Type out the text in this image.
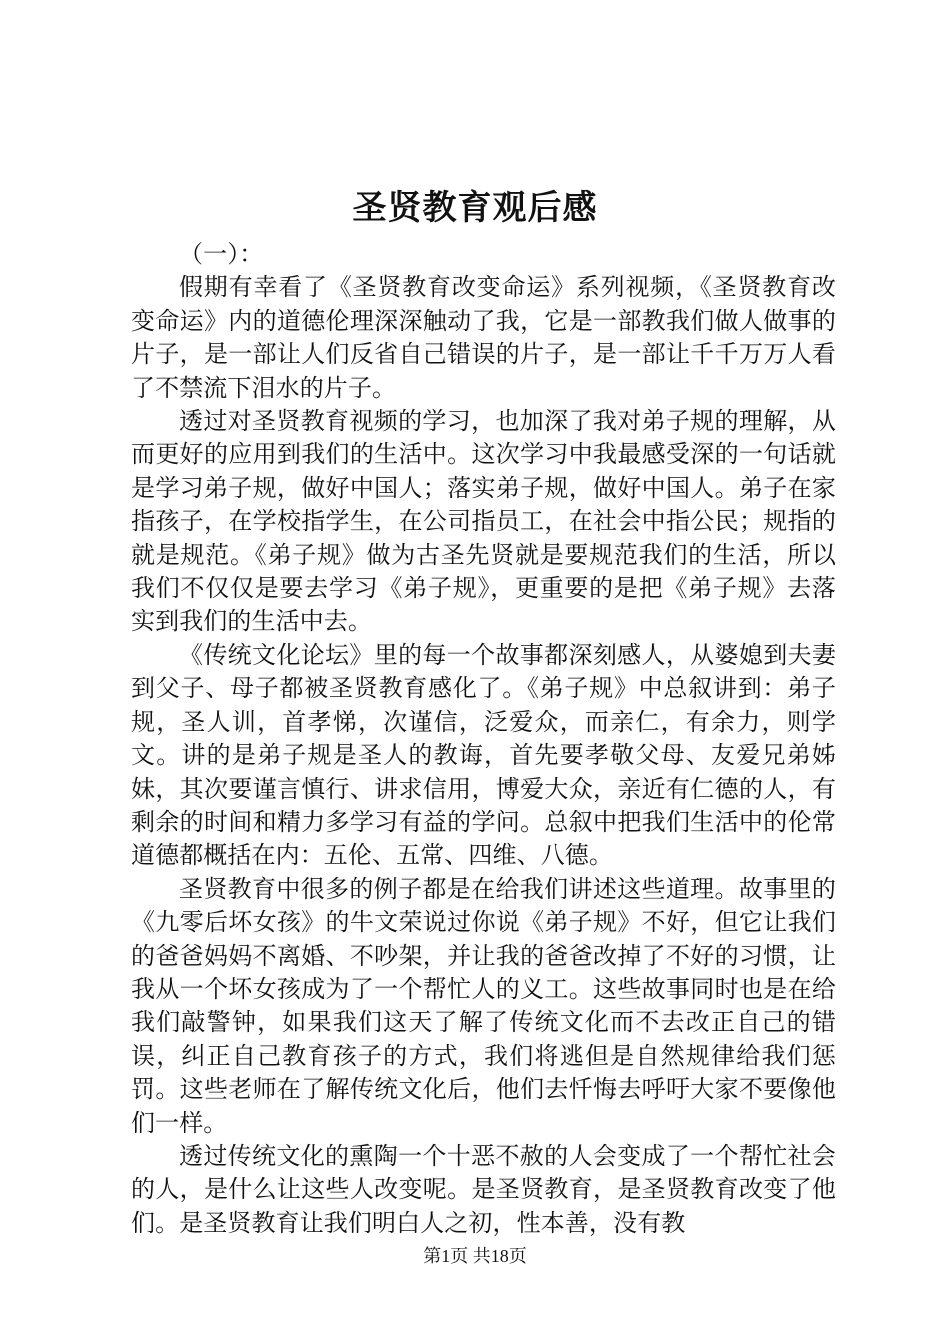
圣贤教育观后感

（一）：

假期有幸看了《圣贤教育改变命运》系列视频，《圣贤教育改变命运》内的道德伦理深深触动了我，它是一部教我们做人做事的片子，是一部让人们反省自己错误的片子，是一部让千千万万人看了不禁流下泪水的片子。

透过对圣贤教育视频的学习，也加深了我对弟子规的理解，从而更好的应用到我们的生活中。这次学习中我最感受深的一句话就是学习弟子规，做好中国人；落实弟子规，做好中国人。弟子在家指孩子，在学校指学生，在公司指员工，在社会中指公民；规指的就是规范。《弟子规》做为古圣先贤就是要规范我们的生活，所以我们不仅仅是要去学习《弟子规》，更重要的是把《弟子规》去落实到我们的生活中去。

《传统文化论坛》里的每一个故事都深刻感人，从婆媳到夫妻到父子、母子都被圣贤教育感化了。《弟子规》中总叙讲到：弟子规，圣人训，首孝悌，次谨信，泛爱众，而亲仁，有余力，则学文。讲的是弟子规是圣人的教诲，首先要孝敬父母、友爱兄弟姊妹，其次要谨言慎行、讲求信用，博爱大众，亲近有仁德的人，有剩余的时间和精力多学习有益的学问。总叙中把我们生活中的伦常道德都概括在内：五伦、五常、四维、八德。

圣贤教育中很多的例子都是在给我们讲述这些道理。故事里的《九零后坏女孩》的牛文荣说过你说《弟子规》不好，但它让我们的爸爸妈妈不离婚、不吵架，并让我的爸爸改掉了不好的习惯，让我从一个坏女孩成为了一个帮忙人的义工。这些故事同时也是在给我们敲警钟，如果我们这天了解了传统文化而不去改正自己的错误，纠正自己教育孩子的方式，我们将逃但是自然规律给我们惩罚。这些老师在了解传统文化后，他们去忏悔去呼吁大家不要像他们一样。

透过传统文化的熏陶一个十恶不赦的人会变成了一个帮忙社会的人，是什么让这些人改变呢。是圣贤教育，是圣贤教育改变了他们。是圣贤教育让我们明白人之初，性本善，没有教

第1页 共18页
